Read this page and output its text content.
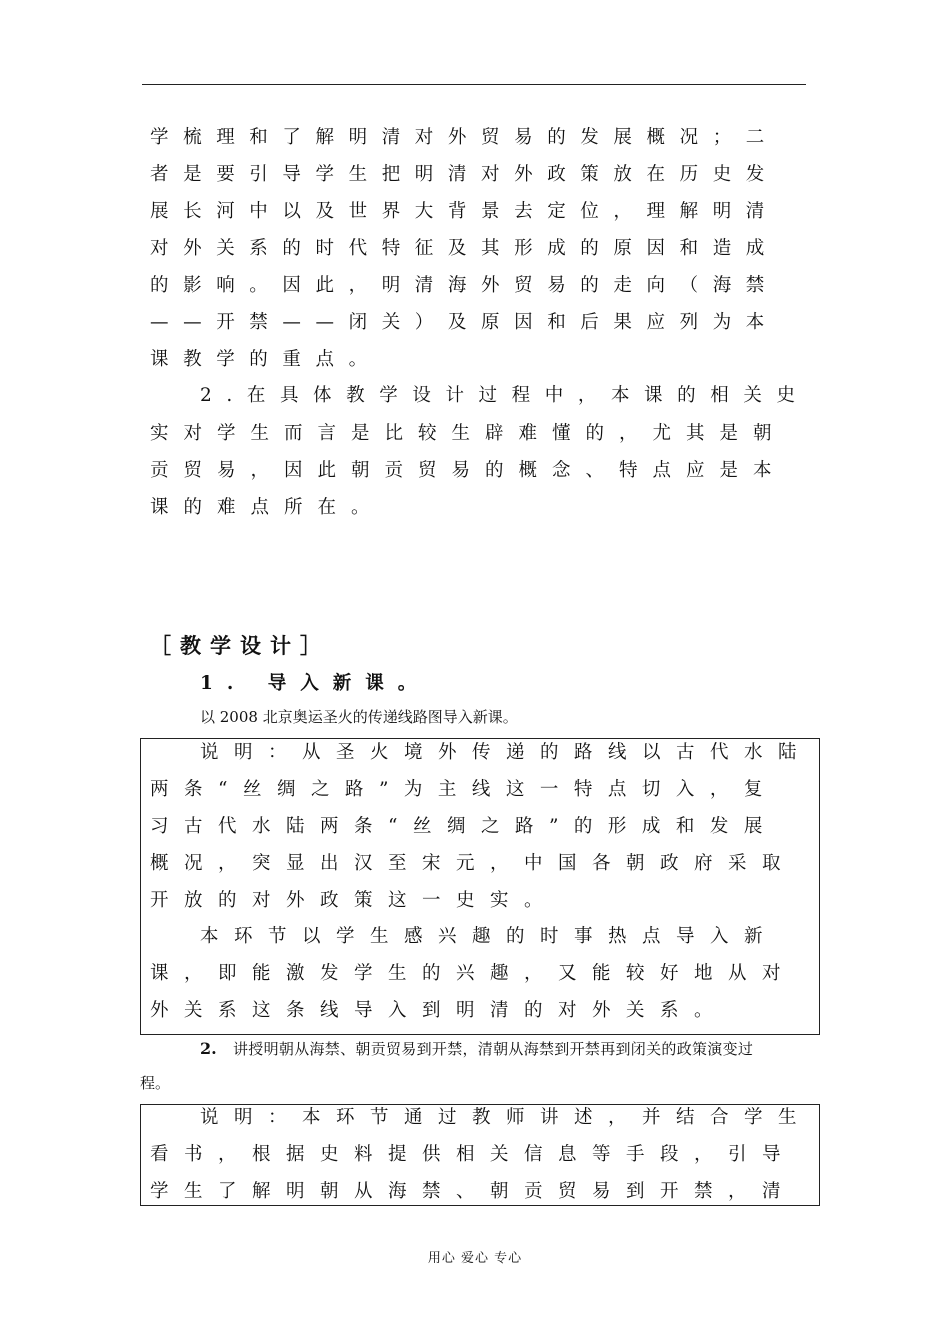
学梳理和了解明清对外贸易的发展概况；二
者是要引导学生把明清对外政策放在历史发
展长河中以及世界大背景去定位，理解明清
对外关系的时代特征及其形成的原因和造成
的影响。因此，明清海外贸易的走向（海禁
——开禁——闭关）及原因和后果应列为本
课教学的重点。
2.在具体教学设计过程中，本课的相关史
实对学生而言是比较生辟难懂的，尤其是朝
贡贸易，因此朝贡贸易的概念、特点应是本
课的难点所在。
［教学设计］
1. 导入新课。
以 2008 北京奥运圣火的传递线路图导入新课。
说明：从圣火境外传递的路线以古代水陆
两条“丝绸之路”为主线这一特点切入，复
习古代水陆两条“丝绸之路”的形成和发展
概况，突显出汉至宋元，中国各朝政府采取
开放的对外政策这一史实。
本环节以学生感兴趣的时事热点导入新
课，即能激发学生的兴趣，又能较好地从对
外关系这条线导入到明清的对外关系。
2. 讲授明朝从海禁、朝贡贸易到开禁，清朝从海禁到开禁再到闭关的政策演变过
程。
说明：本环节通过教师讲述，并结合学生
看书，根据史料提供相关信息等手段，引导
学生了解明朝从海禁、朝贡贸易到开禁，清
用心 爱心 专心
